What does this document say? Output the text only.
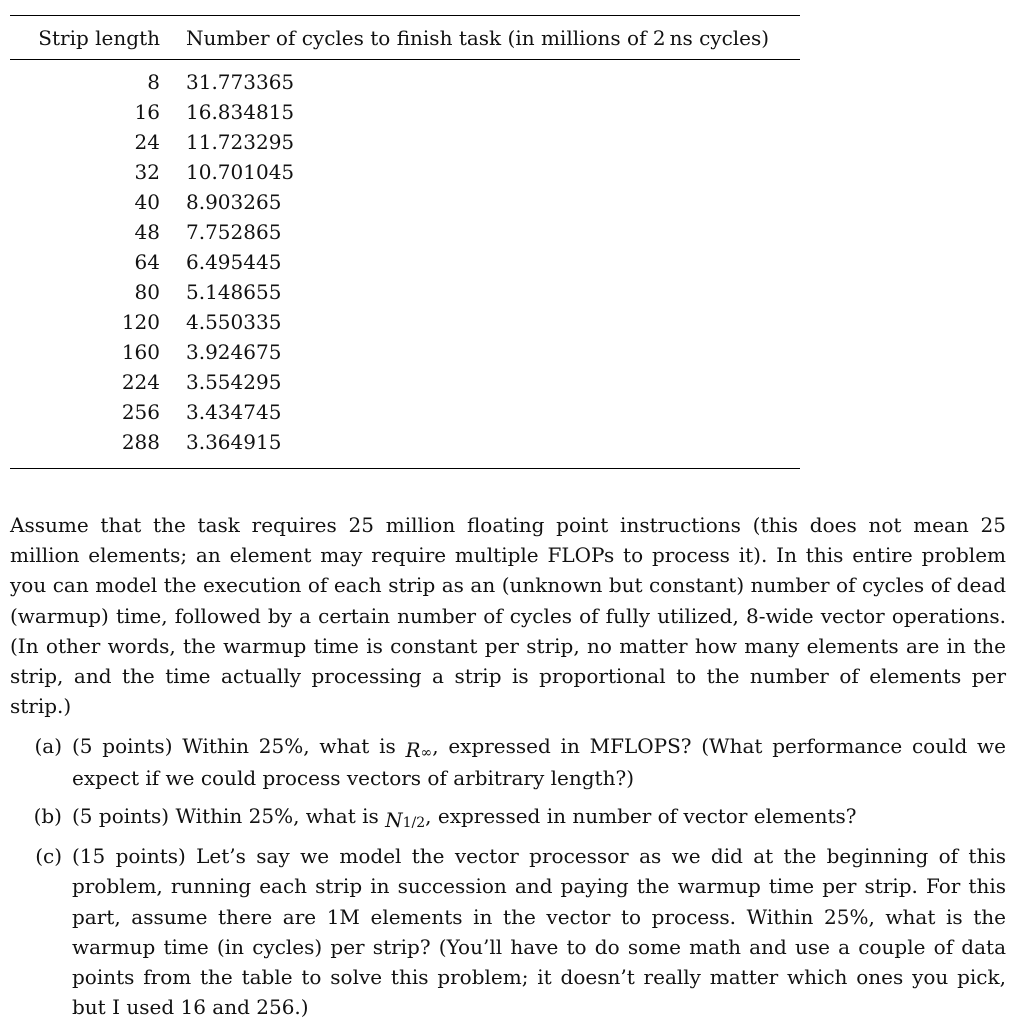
Strip length	Number of cycles to finish task (in millions of 2 ns cycles)
8	31.773365
16	16.834815
24	11.723295
32	10.701045
40	8.903265
48	7.752865
64	6.495445
80	5.148655
120	4.550335
160	3.924675
224	3.554295
256	3.434745
288	3.364915

Assume that the task requires 25 million floating point instructions (this does not mean 25 million elements; an element may require multiple FLOPs to process it). In this entire problem you can model the execution of each strip as an (unknown but constant) number of cycles of dead (warmup) time, followed by a certain number of cycles of fully utilized, 8-wide vector operations. (In other words, the warmup time is constant per strip, no matter how many elements are in the strip, and the time actually processing a strip is proportional to the number of elements per strip.)

(a) (5 points) Within 25%, what is R∞, expressed in MFLOPS? (What performance could we expect if we could process vectors of arbitrary length?)
(b) (5 points) Within 25%, what is N1/2, expressed in number of vector elements?
(c) (15 points) Let’s say we model the vector processor as we did at the beginning of this problem, running each strip in succession and paying the warmup time per strip. For this part, assume there are 1M elements in the vector to process. Within 25%, what is the warmup time (in cycles) per strip? (You’ll have to do some math and use a couple of data points from the table to solve this problem; it doesn’t really matter which ones you pick, but I used 16 and 256.)
